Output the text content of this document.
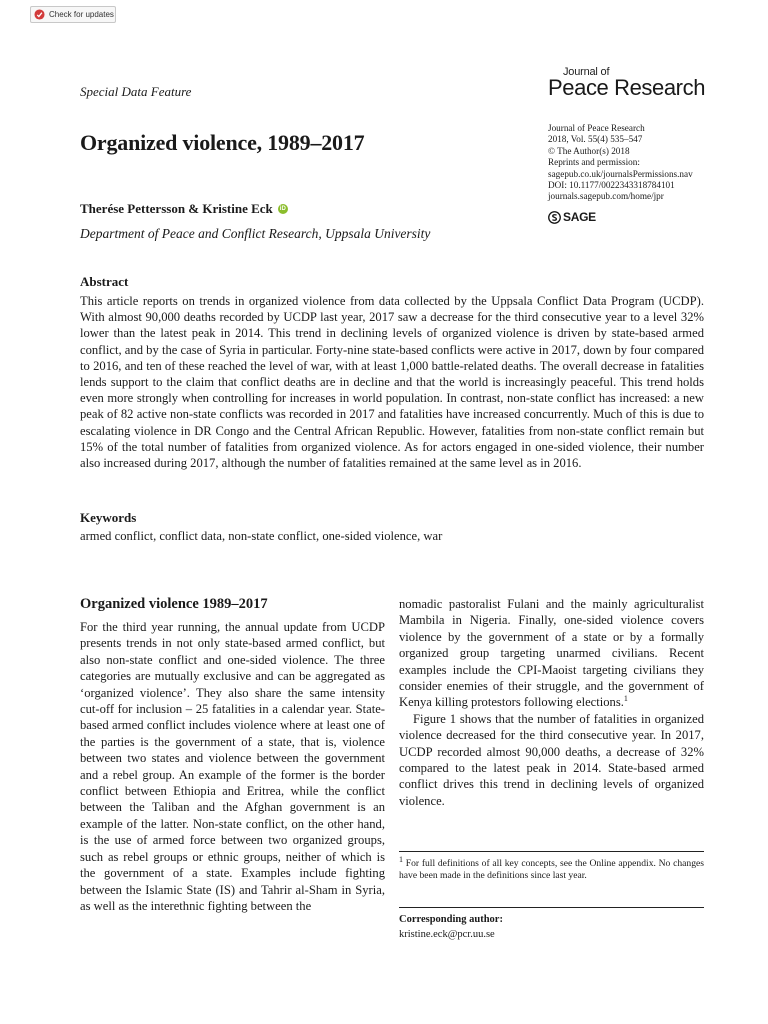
Check for updates
Special Data Feature
Journal of
Peace Research
Organized violence, 1989–2017
Journal of Peace Research
2018, Vol. 55(4) 535–547
© The Author(s) 2018
Reprints and permission:
sagepub.co.uk/journalsPermissions.nav
DOI: 10.1177/0022343318784101
journals.sagepub.com/home/jpr
SAGE
Therése Pettersson & Kristine Eck	iD
Department of Peace and Conflict Research, Uppsala University
Abstract
This article reports on trends in organized violence from data collected by the Uppsala Conflict Data Program (UCDP). With almost 90,000 deaths recorded by UCDP last year, 2017 saw a decrease for the third consecutive year to a level 32% lower than the latest peak in 2014. This trend in declining levels of organized violence is driven by state-based armed conflict, and by the case of Syria in particular. Forty-nine state-based conflicts were active in 2017, down by four compared to 2016, and ten of these reached the level of war, with at least 1,000 battle-related deaths. The overall decrease in fatalities lends support to the claim that conflict deaths are in decline and that the world is increasingly peaceful. This trend holds even more strongly when controlling for increases in world population. In contrast, non-state conflict has increased: a new peak of 82 active non-state conflicts was recorded in 2017 and fatalities have increased concurrently. Much of this is due to escalating violence in DR Congo and the Central African Republic. However, fatalities from non-state conflict remain but 15% of the total number of fatalities from organized violence. As for actors engaged in one-sided violence, their number also increased during 2017, although the number of fatalities remained at the same level as in 2016.
Keywords
armed conflict, conflict data, non-state conflict, one-sided violence, war
Organized violence 1989–2017

For the third year running, the annual update from UCDP presents trends in not only state-based armed conflict, but also non-state conflict and one-sided violence. The three categories are mutually exclusive and can be aggregated as ‘organized violence’. They also share the same intensity cut-off for inclusion – 25 fatalities in a calendar year. State-based armed conflict includes violence where at least one of the parties is the government of a state, that is, violence between two states and violence between the government and a rebel group. An example of the former is the border conflict between Ethiopia and Eritrea, while the conflict between the Taliban and the Afghan government is an example of the latter. Non-state conflict, on the other hand, is the use of armed force between two organized groups, such as rebel groups or ethnic groups, neither of which is the government of a state. Examples include fighting between the Islamic State (IS) and Tahrir al-Sham in Syria, as well as the interethnic fighting between the

nomadic pastoralist Fulani and the mainly agriculturalist Mambila in Nigeria. Finally, one-sided violence covers violence by the government of a state or by a formally organized group targeting unarmed civilians. Recent examples include the CPI-Maoist targeting civilians they consider enemies of their struggle, and the government of Kenya killing protestors following elections.$^1$

Figure 1 shows that the number of fatalities in organized violence decreased for the third consecutive year. In 2017, UCDP recorded almost 90,000 deaths, a decrease of 32% compared to the latest peak in 2014. State-based armed conflict drives this trend in declining levels of organized violence.

$^1$ For full definitions of all key concepts, see the Online appendix. No changes have been made in the definitions since last year.
Corresponding author:
kristine.eck@pcr.uu.se
